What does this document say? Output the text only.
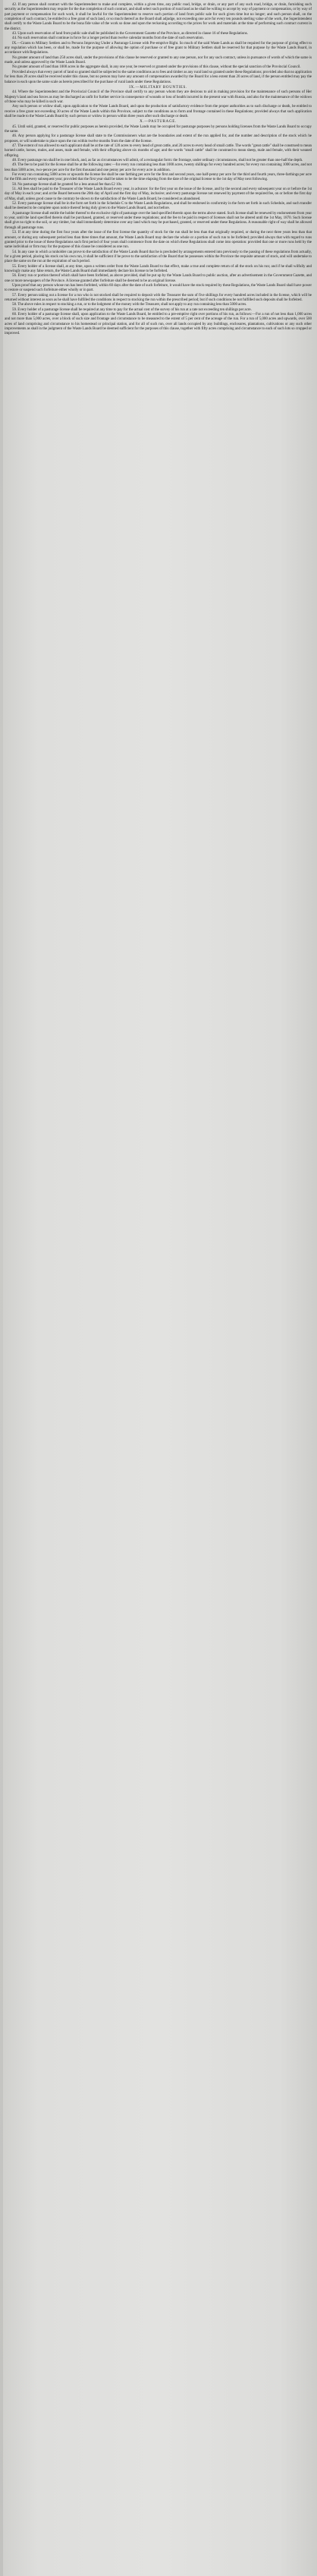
42. If any person shall contract with the Superintendent to make and complete, within a given time, any public road, bridge, or drain, or any part of any such road, bridge, or drain, furnishing such security as the Superintendent may require for the due completion of such contract, and shall select such portion of rural land as he shall be willing to accept by way of payment or compensation, or by way of part payment or compensation for such work, it shall be lawful for the Superintendent to reserve such portion of land from public sale for such given time but no longer; and such person shall, on the completion of such contract, be entitled to a free grant of such land, or so much thereof as the Board shall adjudge, not exceeding one acre for every ten pounds sterling value of the work, the Superintendent shall certify to the Waste Lands Board to be the bona fide value of the work so done and upon the reckoning according to the prices for work and materials at the time of performing such contract current in the district.

43. Upon such reservation of land from public sale shall be published in the Government Gazette of the Province, as directed in clause 16 of these Regulations.

44. No such reservation shall continue in force for a longer period than twelve calendar months from the date of such reservation.

IX.—Grants to Military Settlers and to Persons Improving Under a Pasturage License with Pre-emptive Right. So much of the said Waste Lands as shall be required for the purpose of giving effect to any regulation which has been, or shall be, made for the purpose of allowing the option of purchase or of free grant to Military Settlers shall be reserved for that purpose by the Waste Lands Board, in accordance with Regulations.

No greater amount of land than 250 acres shall, under the provisions of this clause be reserved or granted to any one person, nor for any such contract, unless in pursuance of words of which the same is made, and unless approved by the Waste Lands Board.

No greater amount of land than 1000 acres in the aggregate shall, in any one year, be reserved or granted under the provisions of this clause, without the special sanction of the Provincial Council.

Provided always that every parcel of land so granted shall be subjected to the same conditions as to fees and timber as any rural land so granted under these Regulations; provided also that no application for less than 20 acres shall be received under this clause, but no person may have any amount of compensation awarded by the Board for a less extent than 20 acres of land, if the person entitled may pay the balance in each upon the same scale as herein prescribed for the purchase of rural lands under these Regulations.

IX.—MILITARY BOUNTIES.

44. Where the Superintendent and the Provincial Council of the Province shall certify to any person whom they are desirous to aid in making provision for the maintenance of such persons of Her Majesty's land and sea forces as may be discharged as unfit for further service in consequence of wounds or loss of health incurred in the present war with Russia, and also for the maintenance of the widows of those who may be killed in such war.

Any such person or widow shall, upon application to the Waste Lands Board, and upon the production of satisfactory evidence from the proper authorities as to such discharge or death, be entitled to receive a free grant not exceeding 30 acres of the Waste Lands within this Province, subject to the conditions as to form and frontage contained in these Regulations; provided always that such application shall be made to the Waste Lands Board by such person or widow in person within three years after such discharge or death.

X.—PASTURAGE.

45. Until sold, granted, or reserved for public purposes as herein provided, the Waste Lands may be occupied for pasturage purposes by persons holding licenses from the Waste Lands Board to occupy the same.

46. Any person applying for a pasturage license shall state to the Commissioners what are the boundaries and extent of the run applied for, and the number and description of the stock which he proposes, or will undertake to place upon the run within twelve months from the date of the license.

47. The extent of run allowed to each applicant shall be at the rate of 120 acres to every head of great cattle, and 20 acres to every head of small cattle. The words "great cattle" shall be construed to mean horned cattle, horses, mules, and asses, male and female, with their offspring above six months of age; and the words "small cattle" shall be construed to mean sheep, male and female, with their weaned offspring.

48. Every pasturage run shall be in one block, and, as far as circumstances will admit, of a rectangular form: the frontage, under ordinary circumstances, shall not be greater than one-half the depth.

49. The fee to be paid for the license shall be at the following rates:—for every run containing less than 1000 acres, twenty shillings for every hundred acres; for every run containing 1000 acres, and not less than 5000 acres, two-pence per acre for the first thousand and one penny per acre for every acre in addition.

For every run containing 5000 acres or upwards the license fee shall be one farthing per acre for the first and second years, one half-penny per acre for the third and fourth years, three-farthings per acre for the fifth and every subsequent year; provided that the first year shall be taken to be the time elapsing from the date of the original license to the 1st day of May next following.

50. No pasturage license shall be granted for a less annual fee than £2 10s.

51. All fees shall be paid to the Treasurer of the Waste Lands Board every year, in advance: for the first year on the issue of the license, and by the second and every subsequent year on or before the 1st day of May in each year; and at the Board between the 20th day of April and the first day of May, inclusive; and every pasturage license not renewed by payment of the required fee, on or before the first day of May, shall, unless good cause to the contrary be shown to the satisfaction of the Waste Lands Board, be considered as abandoned.

52. Every pasturage license shall be in the form set forth in the Schedule C to the Waste Lands Regulations, and shall be endorsed in conformity in the form set forth in such Schedule, and such transfer shall be deemed to be complete upon notice thereof being duly given to the Waste Lands Board, and not before.

A pasturage license shall entitle the holder thereof to the exclusive right of pasturage over the land specified therein upon the terms above stated. Such license shall be renewed by endorsement from year to year, until the land specified therein shall be purchased, granted, or reserved under these regulations; and the fee to be paid in respect of licenses shall not be altered until the 1st May, 1870. Such license shall give no right to the soil, or any timber, but shall immediately determine over any land which may be purchased, granted, or reserved under these Regulations. A reasonable right of way shall be allowed through all pasturage runs.

53. If at any time during the first four years after the issue of the first license the quantity of stock for the run shall be less than that originally required, or during the next three years less than that amount, or during any subsequent period less than three times that amount, the Waste Lands Board may declare the whole or a portion of such run to be forfeited; provided always that with regard to runs granted prior to the issue of these Regulations such first period of four years shall commence from the date on which these Regulations shall come into operation: provided that one or more runs held by the same individual or firm may for the purpose of this clause be considered as one run.

54. In any case in which a runholder can prove to the satisfaction of the Waste Lands Board that he is precluded by arrangements entered into previously to the passing of these regulations from actually, for a given period, placing his stock on his own run, it shall be sufficient if he prove to the satisfaction of the Board that he possesses within the Province the requisite amount of stock, and will undertake to place the same on the run at the expiration of such period.

55. Every holder of a license shall, at any time, upon a written order from the Waste Lands Board to that effect, make a true and complete return of all the stock on his run; and if he shall wilfully and knowingly make any false return, the Waste Lands Board shall immediately declare his license to be forfeited.

56. Every run or portion thereof which shall have been forfeited, as above provided, shall be put up by the Waste Lands Board to public auction, after an advertisement in the Government Gazette, and one or more newspapers of the Province. A license granted after forfeiture shall be deemed to be an original license.

Upon proof that any person whose run has been forfeited, within 60 days after the date of such forfeiture, it would have the stock required by these Regulations, the Waste Lands Board shall have power to restore or suspend such forfeiture either wholly or in part.

57. Every person taking out a license for a run who is not stocked shall be required to deposit with the Treasurer the sum of five shillings for every hundred acres included in the license, which will be returned without interest as soon as he shall have fulfilled the conditions in respect to stocking the run within the prescribed period; but if such conditions be not fulfilled such deposits shall be forfeited.

58. The above rules in respect to stocking a run, or to the lodgment of the money with the Treasurer, shall not apply to any run containing less than 5000 acres.

59. Every holder of a pasturage license shall be required at any time to pay for the actual cost of the survey of his run at a rate not exceeding ten shillings per acre.

60. Every holder of a pasturage license shall, upon application to the Waste Lands Board, be entitled to a pre-emptive right over portions of his run, as follows:—For a run of not less than 1,000 acres and not more than 5,000 acres, over a block of such size and frontage and circumstance to be measured to the extent of 5 per cent of the acreage of the run. For a run of 5,000 acres and upwards, over 500 acres of land comprising and circumstance to his homestead or principal station, and for all of such run, over all lands occupied by any buildings, enclosures, plantations, cultivations or any such other improvements as shall in the judgment of the Waste Lands Board be deemed sufficient for the purposes of this clause, together with fifty acres comprising and circumstance to each of such lots so cropped or improved.
